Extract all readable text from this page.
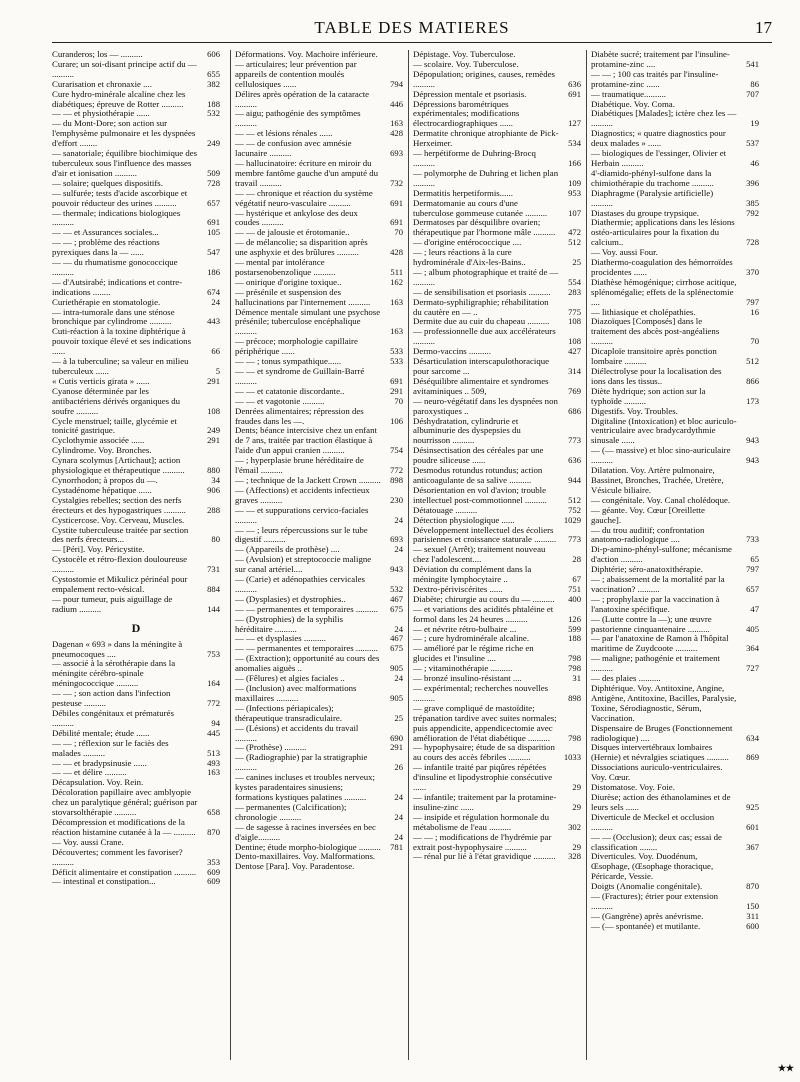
TABLE DES MATIERES	17
Curanderos; los — ..........	606
Curare; un soi-disant principe actif du — ..........	655
Curarisation et chronaxie ....	382
Cure hydro-minérale alcaline chez les diabétiques; épreuve de Rotter ..........	188
— — et physiothérapie ......	532
— du Mont-Dore; son action sur l'emphysème pulmonaire et les dyspnées d'effort ........	249
— sanatoriale; équilibre biochimique des tuberculeux sous l'influence des masses d'air et ionisation ..........	509
— solaire; quelques dispositifs.	728
— sulfurée; tests d'acide ascorbique et pouvoir réducteur des urines ..........	657
— thermale; indications biologiques ..........	691
— — et Assurances sociales...	105
— — ; problème des réactions pyrexiques dans la — ......	547
— — du rhumatisme gonococcique ..........	186
— d'Autsirabé; indications et contre-indications ........	674
Curiethérapie en stomatologie.	24
— intra-tumorale dans une sténose bronchique par cylindrome ..........	443
Cuti-réaction à la toxine diphtérique à pouvoir toxique élevé et ses indications ......	66
— à la tuberculine; sa valeur en milieu tuberculeux ......	5
« Cutis verticis girata » ......	291
Cyanose déterminée par les antibactériens dérivés organiques du soufre ..........	108
Cycle menstruel; taille, glycémie et tonicité gastrique.	249
Cyclothymie associée ......	291
Cylindrome. Voy. Bronches.
Cynara scolymus [Artichaut]; action physiologique et thérapeutique ..........	880
Cynorrhodon; à propos du —.	34
Cystadénome hépatique ......	906
Cystalgies rebelles; section des nerfs érecteurs et des hypogastriques ..........	288
Cysticercose. Voy. Cerveau, Muscles.
Cystite tuberculeuse traitée par section des nerfs érecteurs...	80
— [Péri]. Voy. Péricystite.
Cystocèle et rétro-flexion douloureuse ..........	731
Cystostomie et Mikulicz périnéal pour empalement recto-vésical.	884
— pour tumeur, puis aiguillage de radium ..........	144
D
Dagenan « 693 » dans la méningite à pneumocoques ....	753
— associé à la sérothérapie dans la méningite cérébro-spinale méningococcique ..........	164
— — ; son action dans l'infection pesteuse ..........	772
Débiles congénitaux et prématurés ..........	94
Débilité mentale; étude ......	445
— — ; réflexion sur le faciès des malades ..........	513
— — et bradypsinusie ......	493
— — et délire ..........	163
Décapsulation. Voy. Rein.
Décoloration papillaire avec amblyopie chez un paralytique général; guérison par stovarsolthérapie ..........	658
Décompression et modifications de la réaction histamine cutanée à la — .......... 870
— Voy. aussi Crane.
Découvertes; comment les favoriser? ..........	353
Déficit alimentaire et constipation .......... 609
— intestinal et constipation...	609
Déformations. Voy. Machoire inférieure.
— articulaires; leur prévention par appareils de contention moulés cellulosiques ......	794
Délires après opération de la cataracte ..........	446
— aigu; pathogénie des symptômes ..........	163
— — et lésions rénales ......	428
— — de confusion avec amnésie lacunaire ..........	693
— hallucinatoire: écriture en miroir du membre fantôme gauche d'un amputé du travail ..........	732
— — chronique et réaction du système végétatif neuro-vasculaire ..........	691
— hystérique et ankylose des deux coudes ..........	691
— — de jalousie et érotomanie..	70
— de mélancolie; sa disparition après une asphyxie et des brûlures ..........	428
— mental par intolérance postarsenobenzolique ..........	511
— onirique d'origine toxique..	162
— présénile et suspension des hallucinations par l'internement ..........	163
Démence mentale simulant une psychose présénile; tuberculose encéphalique ..........	163
— précoce; morphologie capillaire périphérique ......	533
— — ; tonus sympathique......	533
— — et syndrome de Guillain-Barré ..........	691
— — et catatonie discordante..	291
— — et vagotonie ..........	70
Denrées alimentaires; répression des fraudes dans les —.	106
Dents; béance intercisive chez un enfant de 7 ans, traitée par traction élastique à l'aide d'un appui cranien ..........	754
— ; hyperplasie brune héréditaire de l'émail ..........	772
— ; technique de la Jackett Crown .......... 898
— (Affections) et accidents infectieux graves ..........	230
— — et suppurations cervico-faciales ..........	24
— — ; leurs répercussions sur le tube digestif ..........	693
— (Appareils de prothèse) ....	24
— (Avulsion) et streptococcie maligne sur canal artériel....	943
— (Carie) et adénopathies cervicales ..........	532
— (Dysplasies) et dystrophies..	467
— — permanentes et temporaires ..........	675
— (Dystrophies) de la syphilis héréditaire ..........	24
— — et dysplasies ..........	467
— — permanentes et temporaires ..........	675
— (Extraction); opportunité au cours des anomalies aiguës ..	905
— (Fêlures) et algies faciales ..	24
— (Inclusion) avec malformations maxillaires ..........	905
— (Infections périapicales); thérapeutique transradiculaire.	25
— (Lésions) et accidents du travail ..........	690
— (Prothèse) ..........	291
— (Radiographie) par la stratigraphie ..........	26
— canines incluses et troubles nerveux; kystes paradentaires sinusiens; formations kystiques palatines ..........	24
— permanentes (Calcification); chronologie ..........	24
— de sagesse à racines inversées en bec d'aigle..........	24
Dentine; étude morpho-biologique .......... 781
Dento-maxillaires. Voy. Malformations.
Dentose [Para]. Voy. Paradentose.
Dépistage. Voy. Tuberculose.
— scolaire. Voy. Tuberculose.
Dépopulation; origines, causes, remèdes ..........	636
Dépression mentale et psoriasis.	691
Dépressions barométriques expérimentales; modifications électrocardiographiques ......	127
Dermatite chronique atrophiante de Pick-Herxeimer.	534
— herpétiforme de Duhring-Brocq ..........	166
— polymorphe de Duhring et lichen plan ..........	109
Dermatitis herpetiformis......	953
Dermatomanie au cours d'une tuberculose gommeuse cutanée ..........	107
Dermatoses par désquilibre ovarien; thérapeutique par l'hormone mâle ..........	472
— d'origine entérococcique ....	512
— ; leurs réactions à la cure hydrominérale d'Aix-les-Bains..	25
— ; album photographique et traité de — ..........	554
— de sensibilisation et psoriasis ..........	283
Dermato-syphiligraphie; réhabilitation du cautère en — ..	775
Dermite due au cuir du chapeau ..........	108
— professionnelle due aux accélérateurs ..........	108
Dermo-vaccins ..........	427
Désarticulation interscapulothoracique pour sarcome ...	314
Déséquilibre alimentaire et syndromes avitaminiques .. 509,	769
— neuro-végétatif dans les dyspnées non paroxystiques ..	686
Déshydratation, cylindrurie et albuminurie des dyspepsies du nourrisson ..........	773
Désinsectisation des céréales par une poudre siliceuse ......	636
Desmodus rotundus rotundus; action anticoagulante de sa salive ..........	944
Désorientation en vol d'avion; trouble intellectuel post-commotionnel ..........	512
Détatouage ..........	752
Détection physiologique ......	1029
Développement intellectuel des écoliers parisiennes et croissance staturale ..........	773
— sexuel (Arrêt); traitement nouveau chez l'adolescent....	28
Déviation du complément dans la méningite lymphocytaire ..	67
Dextro-périviscérites ......	751
Diabète; chirurgie au cours du — ..........	400
— et variations des acidités phtaléine et formol dans les 24 heures ..........	126
— et névrite rétro-bulbaire ...	599
— ; cure hydrominérale alcaline.	188
— amélioré par le régime riche en glucides et l'insuline ....	798
— ; vitaminothérapie ..........	798
— bronzé insulino-résistant ....	31
— expérimental; recherches nouvelles ..........	898
— grave compliqué de mastoïdite; trépanation tardive avec suites normales; puis appendicite, appendicectomie avec amélioration de l'état diabétique ..........	798
— hypophysaire; étude de sa disparition au cours des accès fébriles ..........	1033
— infantile traité par piqûres répétées d'insuline et lipodystrophie consécutive ......	29
— infantile; traitement par la protamine-insuline-zinc ......	29
— insipide et régulation hormonale du métabolisme de l'eau ..........	302
— — ; modifications de l'hydrémie par extrait post-hypophysaire ..........	29
— rénal pur lié à l'état gravidique ..........	328
Diabète sucré; traitement par l'insuline-protamine-zinc ....	541
— — ; 100 cas traités par l'insuline-protamine-zinc ......	86
— traumatique..........	707
Diabétique. Voy. Coma.
Diabétiques [Malades]; ictère chez les — ..........	19
Diagnostics; « quatre diagnostics pour deux malades » ......	537
— biologiques de l'essinger, Olivier et Herbain ..........	46
4'-diamido-phényl-sulfone dans la chimiothérapie du trachome ..........	396
Diaphragme (Paralysie artificielle) ..........	385
Diastases du groupe trypsique.	792
Diathermie; applications dans les lésions ostéo-articulaires pour la fixation du calcium..	728
— Voy. aussi Four.
Diathermo-coagulation des hémorroïdes procidentes ......	370
Diathèse hémogénique; cirrhose acitique, splénomégalie; effets de la splénectomie ....	797
— lithiasique et cholépathies.	16
Diazoïques [Composés] dans le traitement des abcès post-angéaliens ..........	70
Dicaploïe transitoire après ponction lombaire ..........	512
Diélectrolyse pour la localisation des ions dans les tissus..	866
Diète hydrique; son action sur la typhoïde ..........	173
Digestifs. Voy. Troubles.
Digitaline (Intoxication) et bloc auriculo-ventriculaire avec bradycardythmie sinusale ......	943
— (— massive) et bloc sino-auriculaire ..........	943
Dilatation. Voy. Artère pulmonaire, Bassinet, Bronches, Trachée, Uretère, Vésicule biliaire.
— congénitale. Voy. Canal cholédoque.
— géante. Voy. Cœur [Oreillette gauche].
— du trou auditif; confrontation anatomo-radiologique ....	733
Di-p-amino-phényl-sulfone; mécanisme d'action ..........	65
Diphtérie; séro-anatoxithérapie.	797
— ; abaissement de la mortalité par la vaccination? ..........	657
— ; prophylaxie par la vaccination à l'anatoxine spécifique.	47
— (Lutte contre la —); une œuvre pastorienne cinquantenaire ..........	405
— par l'anatoxine de Ramon à l'hôpital maritime de Zuydcoote ..........	364
— maligne; pathogénie et traitement ..........	727
— des plaies ..........
Diphtérique. Voy. Antitoxine, Angine, Antigène, Antitoxine, Bacilles, Paralysie, Toxine, Sérodiagnostic, Sérum, Vaccination.
Dispensaire de Bruges (Fonctionnement radiologique) ....	634
Disques intervertébraux lombaires (Hernie) et névralgies sciatiques ..........	869
Dissociations auriculo-ventriculaires. Voy. Cœur.
Distomatose. Voy. Foie.
Diurèse; action des éthanolamines et de leurs sels ......	925
Diverticule de Meckel et occlusion ..........	601
— — (Occlusion); deux cas; essai de classification ........	367
Diverticules. Voy. Duodénum, Œsophage, (Œsophage thoracique, Péricarde, Vessie.
Doigts (Anomalie congénitale).	870
— (Fractures); étrier pour extension ..........	150
— (Gangrène) après anévrisme.	311
— (— spontanée) et mutilante.	600
★★
